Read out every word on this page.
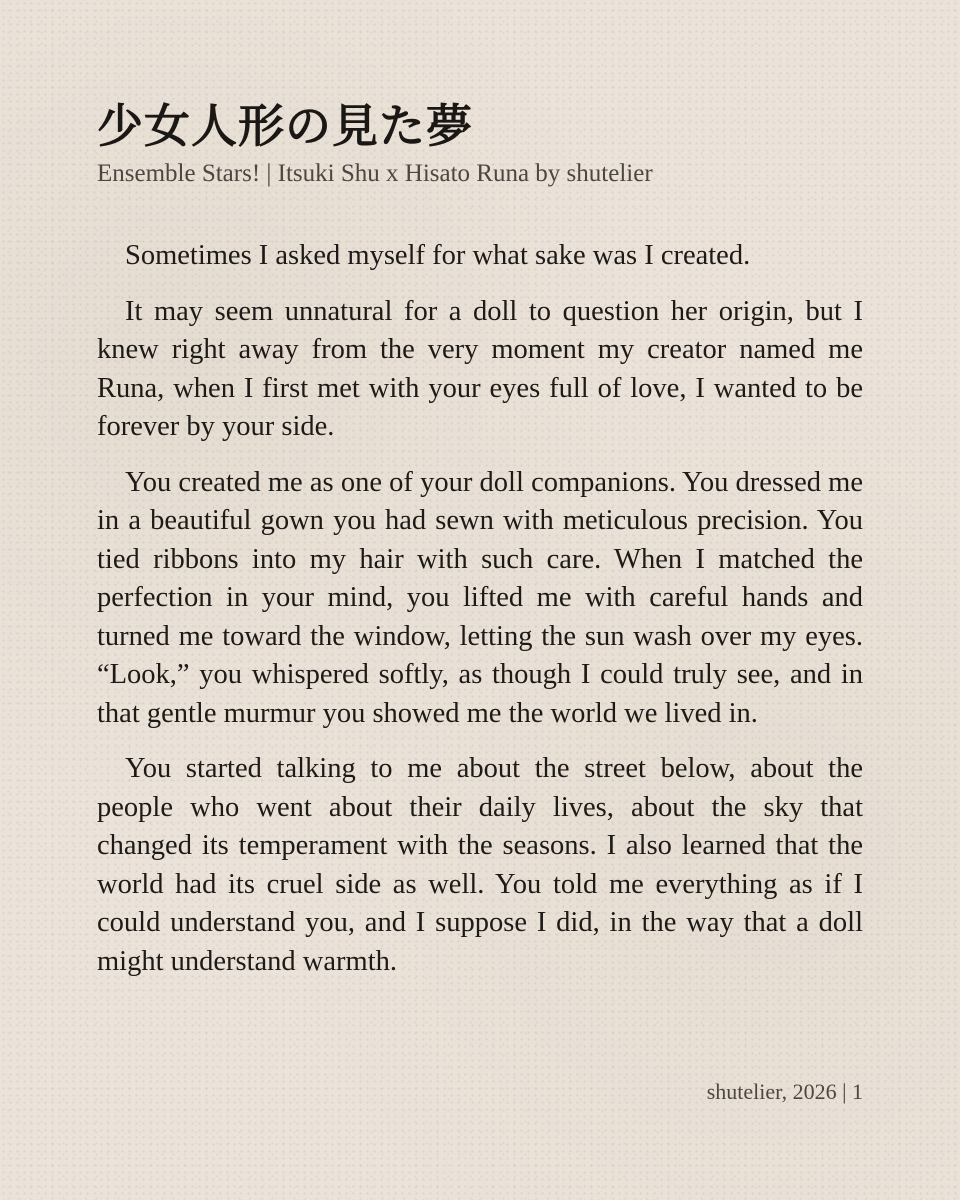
少女人形の見た夢
Ensemble Stars! | Itsuki Shu x Hisato Runa by shutelier

Sometimes I asked myself for what sake was I created.

It may seem unnatural for a doll to question her origin, but I knew right away from the very moment my creator named me Runa, when I first met with your eyes full of love, I wanted to be forever by your side.

You created me as one of your doll companions. You dressed me in a beautiful gown you had sewn with meticulous precision. You tied ribbons into my hair with such care. When I matched the perfection in your mind, you lifted me with careful hands and turned me toward the window, letting the sun wash over my eyes. “Look,” you whispered softly, as though I could truly see, and in that gentle murmur you showed me the world we lived in.

You started talking to me about the street below, about the people who went about their daily lives, about the sky that changed its temperament with the seasons. I also learned that the world had its cruel side as well. You told me everything as if I could understand you, and I suppose I did, in the way that a doll might understand warmth.

shutelier, 2026 | 1
